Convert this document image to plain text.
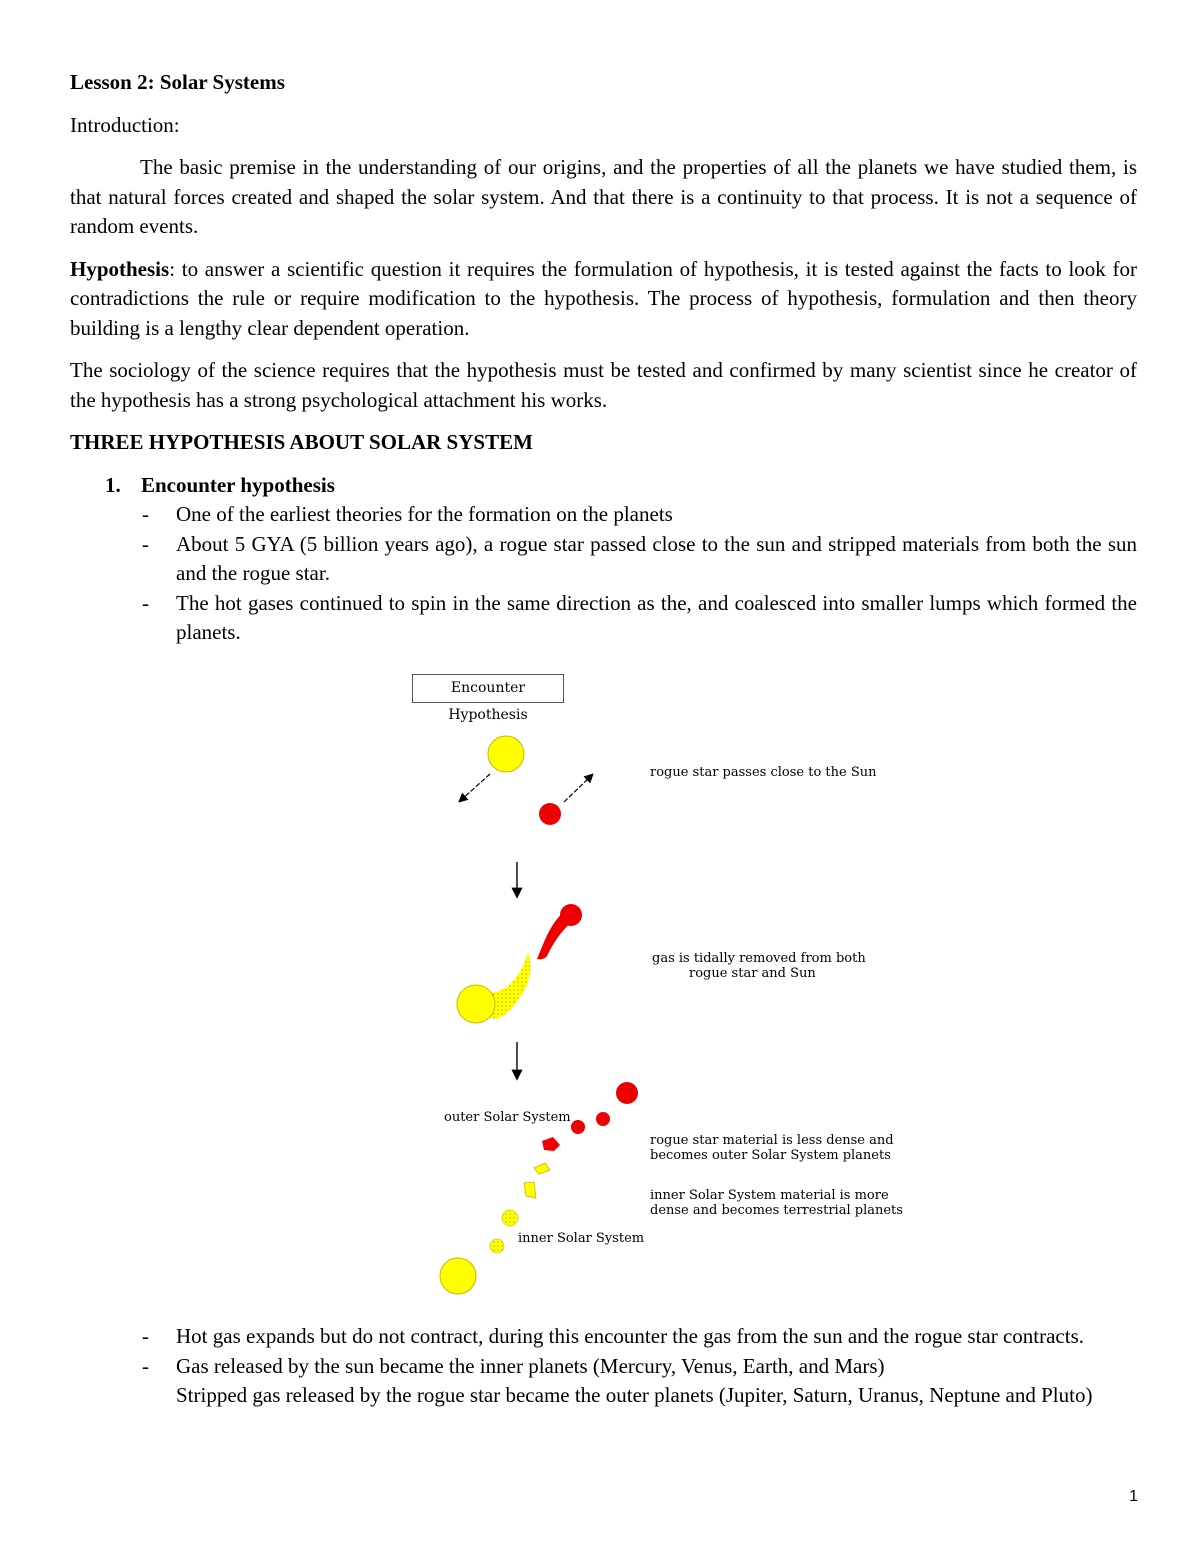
Lesson 2: Solar Systems

Introduction:

The basic premise in the understanding of our origins, and the properties of all the planets we have studied them, is that natural forces created and shaped the solar system. And that there is a continuity to that process. It is not a sequence of random events.

Hypothesis: to answer a scientific question it requires the formulation of hypothesis, it is tested against the facts to look for contradictions the rule or require modification to the hypothesis. The process of hypothesis, formulation and then theory building is a lengthy clear dependent operation.

The sociology of the science requires that the hypothesis must be tested and confirmed by many scientist since he creator of the hypothesis has a strong psychological attachment his works.

THREE HYPOTHESIS ABOUT SOLAR SYSTEM

1. Encounter hypothesis

- One of the earliest theories for the formation on the planets
- About 5 GYA (5 billion years ago), a rogue star passed close to the sun and stripped materials from both the sun and the rogue star.
- The hot gases continued to spin in the same direction as the, and coalesced into smaller lumps which formed the planets.
Encounter Hypothesis
rogue star passes close to the Sun
gas is tidally removed from both
rogue star and Sun
outer Solar System
rogue star material is less dense and
becomes outer Solar System planets
inner Solar System material is more
dense and becomes terrestrial planets
inner Solar System
- Hot gas expands but do not contract, during this encounter the gas from the sun and the rogue star contracts.
- Gas released by the sun became the inner planets (Mercury, Venus, Earth, and Mars)
Stripped gas released by the rogue star became the outer planets (Jupiter, Saturn, Uranus, Neptune and Pluto)
1
